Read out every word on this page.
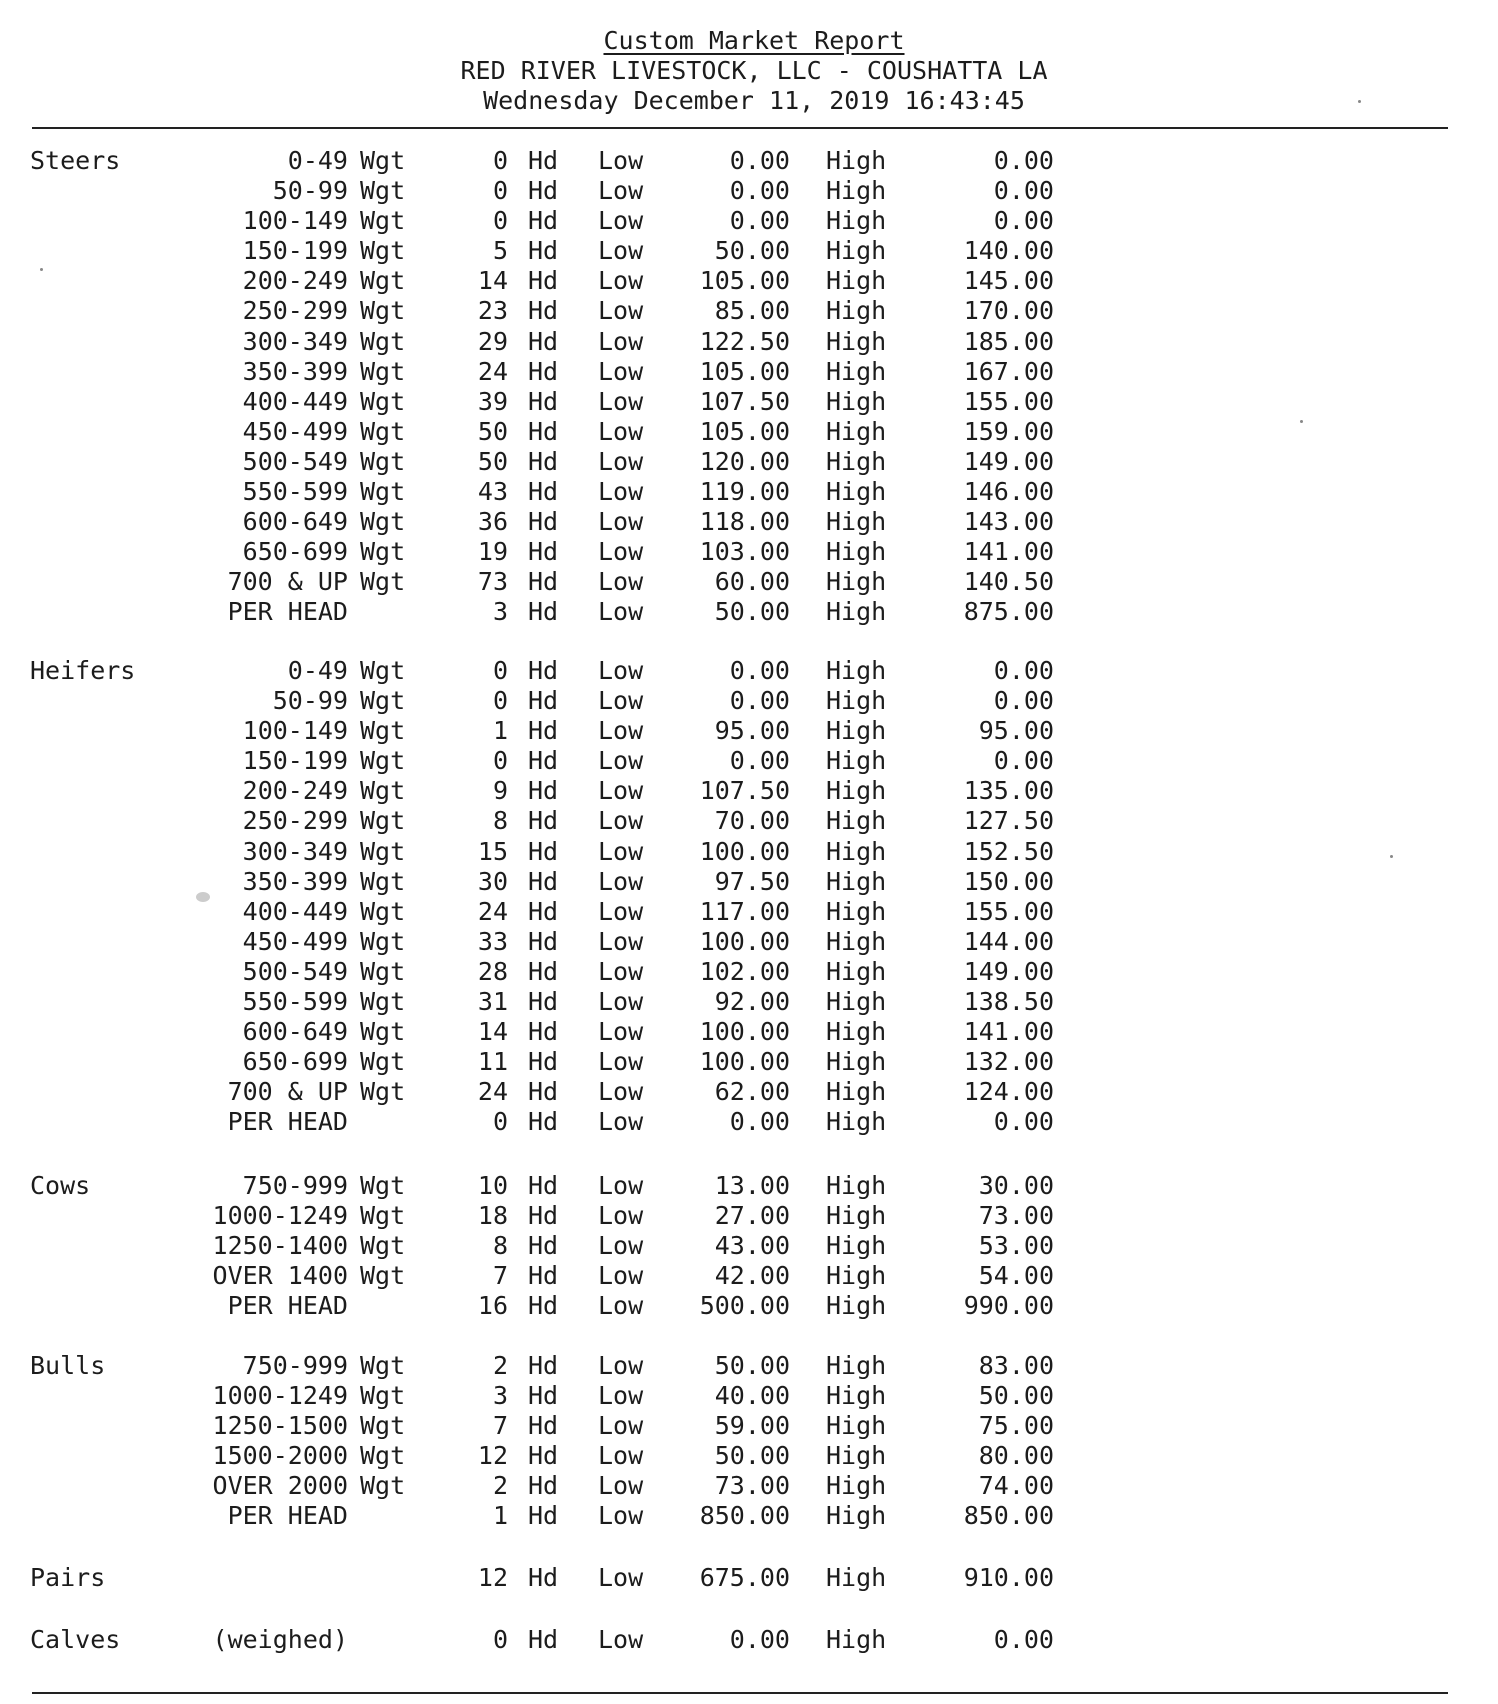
Custom Market Report
RED RIVER LIVESTOCK, LLC - COUSHATTA LA
Wednesday December 11, 2019 16:43:45
Steers	0-49 Wgt	0 Hd Low	0.00 High	0.00
50-99 Wgt	0 Hd Low	0.00 High	0.00
100-149 Wgt	0 Hd Low	0.00 High	0.00
150-199 Wgt	5 Hd Low	50.00 High	140.00
200-249 Wgt	14 Hd Low 105.00 High	145.00
250-299 Wgt	23 Hd Low	85.00 High	170.00
300-349 Wgt	29 Hd Low 122.50 High	185.00
350-399 Wgt	24 Hd Low 105.00 High	167.00
400-449 Wgt	39 Hd Low 107.50 High	155.00
450-499 Wgt	50 Hd Low 105.00 High	159.00
500-549 Wgt	50 Hd Low 120.00 High	149.00
550-599 Wgt	43 Hd Low 119.00 High	146.00
600-649 Wgt	36 Hd Low 118.00 High	143.00
650-699 Wgt	19 Hd Low 103.00 High	141.00
700 & UP Wgt	73 Hd Low	60.00 High	140.50
PER HEAD	3 Hd Low	50.00 High	875.00
Heifers	0-49 Wgt	0 Hd Low	0.00 High	0.00
50-99 Wgt	0 Hd Low	0.00 High	0.00
100-149 Wgt	1 Hd Low	95.00 High	95.00
150-199 Wgt	0 Hd Low	0.00 High	0.00
200-249 Wgt	9 Hd Low 107.50 High	135.00
250-299 Wgt	8 Hd Low	70.00 High	127.50
300-349 Wgt	15 Hd Low 100.00 High	152.50
350-399 Wgt	30 Hd Low	97.50 High	150.00
400-449 Wgt	24 Hd Low 117.00 High	155.00
450-499 Wgt	33 Hd Low 100.00 High	144.00
500-549 Wgt	28 Hd Low 102.00 High	149.00
550-599 Wgt	31 Hd Low	92.00 High	138.50
600-649 Wgt	14 Hd Low 100.00 High	141.00
650-699 Wgt	11 Hd Low 100.00 High	132.00
700 & UP Wgt	24 Hd Low	62.00 High	124.00
PER HEAD	0 Hd Low	0.00 High	0.00
Cows	750-999 Wgt	10 Hd Low	13.00 High	30.00
1000-1249 Wgt	18 Hd Low	27.00 High	73.00
1250-1400 Wgt	8 Hd Low	43.00 High	53.00
OVER 1400 Wgt	7 Hd Low	42.00 High	54.00
PER HEAD	16 Hd Low 500.00 High	990.00
Bulls	750-999 Wgt	2 Hd Low	50.00 High	83.00
1000-1249 Wgt	3 Hd Low	40.00 High	50.00
1250-1500 Wgt	7 Hd Low	59.00 High	75.00
1500-2000 Wgt	12 Hd Low	50.00 High	80.00
OVER 2000 Wgt	2 Hd Low	73.00 High	74.00
PER HEAD	1 Hd Low 850.00 High	850.00
Pairs	12 Hd Low 675.00 High	910.00
Calves	(weighed)	0 Hd Low	0.00 High	0.00
